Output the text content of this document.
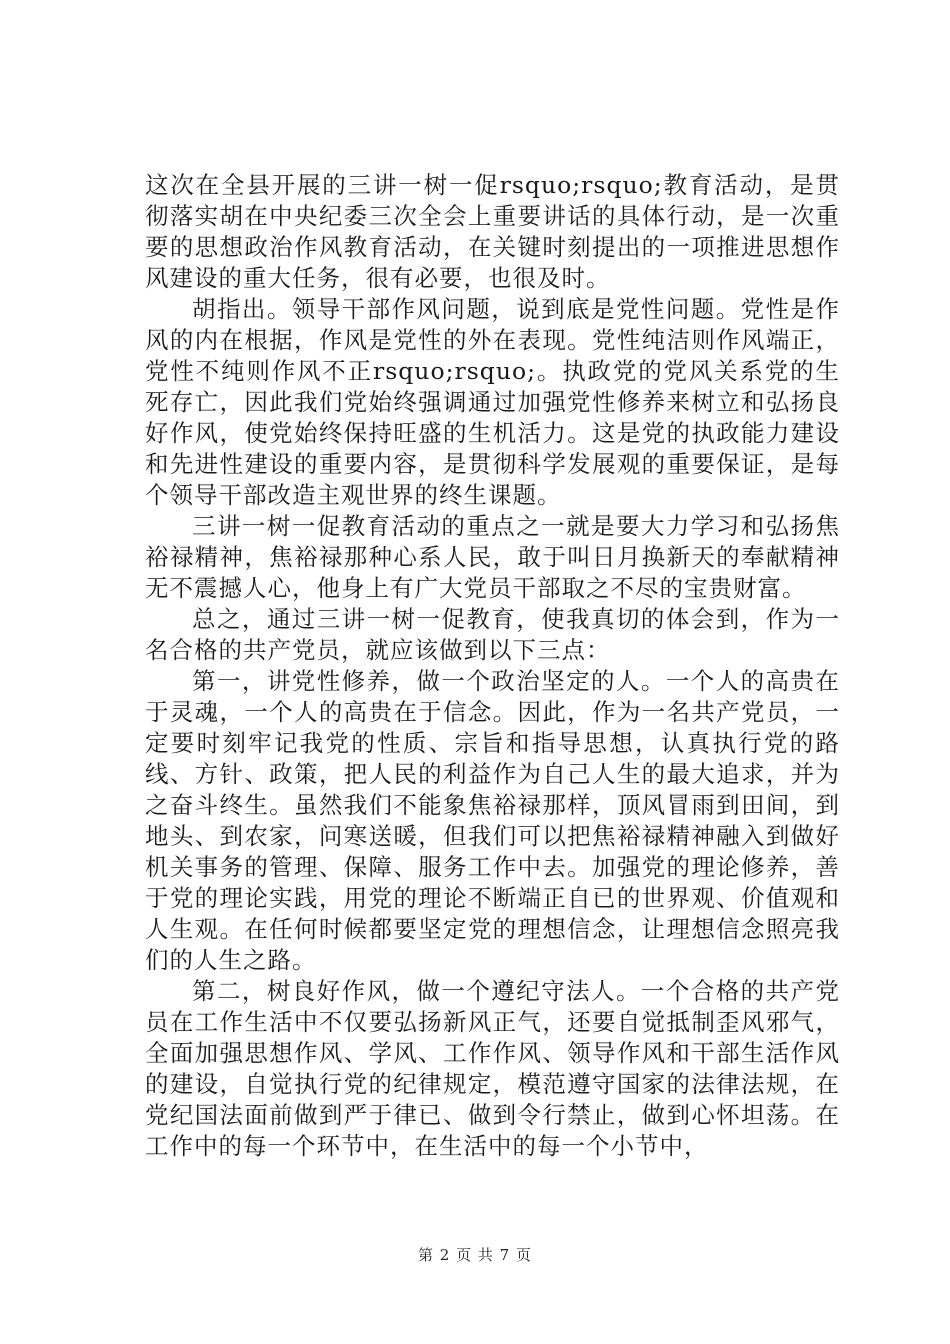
这次在全县开展的三讲一树一促rsquo;rsquo;教育活动，是贯彻落实胡在中央纪委三次全会上重要讲话的具体行动，是一次重要的思想政治作风教育活动，在关键时刻提出的一项推进思想作风建设的重大任务，很有必要，也很及时。

胡指出。领导干部作风问题，说到底是党性问题。党性是作风的内在根据，作风是党性的外在表现。党性纯洁则作风端正，党性不纯则作风不正rsquo;rsquo;。执政党的党风关系党的生死存亡，因此我们党始终强调通过加强党性修养来树立和弘扬良好作风，使党始终保持旺盛的生机活力。这是党的执政能力建设和先进性建设的重要内容，是贯彻科学发展观的重要保证，是每个领导干部改造主观世界的终生课题。

三讲一树一促教育活动的重点之一就是要大力学习和弘扬焦裕禄精神，焦裕禄那种心系人民，敢于叫日月换新天的奉献精神无不震撼人心，他身上有广大党员干部取之不尽的宝贵财富。

总之，通过三讲一树一促教育，使我真切的体会到，作为一名合格的共产党员，就应该做到以下三点：

第一，讲党性修养，做一个政治坚定的人。一个人的高贵在于灵魂，一个人的高贵在于信念。因此，作为一名共产党员，一定要时刻牢记我党的性质、宗旨和指导思想，认真执行党的路线、方针、政策，把人民的利益作为自己人生的最大追求，并为之奋斗终生。虽然我们不能象焦裕禄那样，顶风冒雨到田间，到地头、到农家，问寒送暖，但我们可以把焦裕禄精神融入到做好机关事务的管理、保障、服务工作中去。加强党的理论修养，善于党的理论实践，用党的理论不断端正自已的世界观、价值观和人生观。在任何时候都要坚定党的理想信念，让理想信念照亮我们的人生之路。

第二，树良好作风，做一个遵纪守法人。一个合格的共产党员在工作生活中不仅要弘扬新风正气，还要自觉抵制歪风邪气，全面加强思想作风、学风、工作作风、领导作风和干部生活作风的建设，自觉执行党的纪律规定，模范遵守国家的法律法规，在党纪国法面前做到严于律已、做到令行禁止，做到心怀坦荡。在工作中的每一个环节中，在生活中的每一个小节中，

第 2 页 共 7 页
